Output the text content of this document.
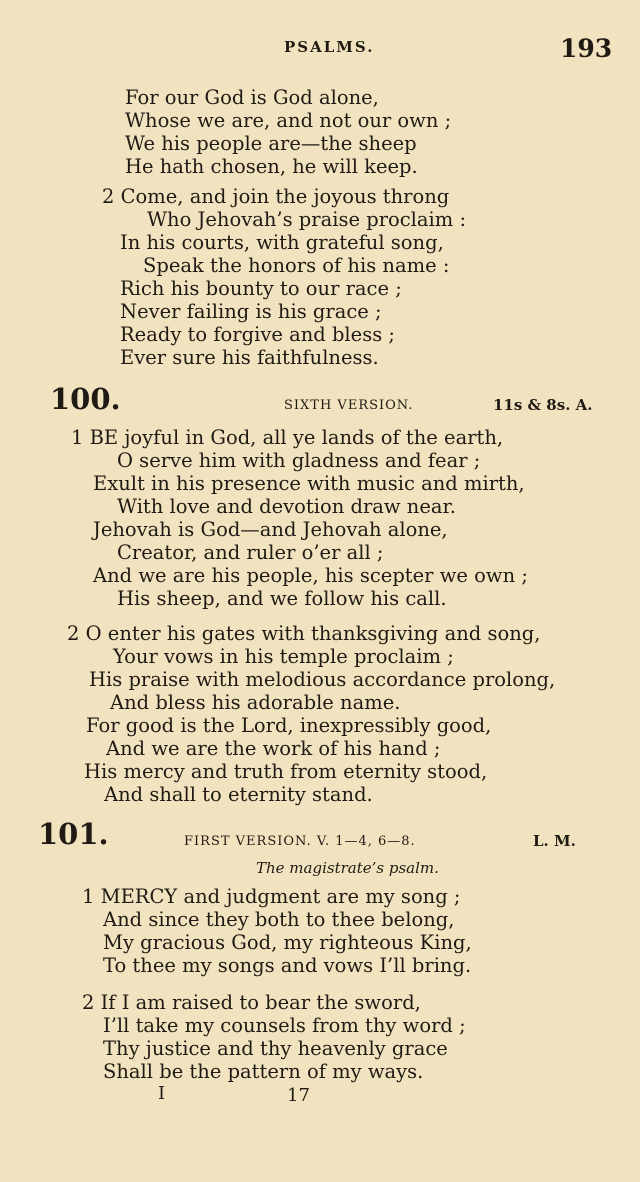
PSALMS.	193
For our God is God alone,
Whose we are, and not our own ;
We his people are—the sheep
He hath chosen, he will keep.
2 Come, and join the joyous throng
Who Jehovah’s praise proclaim :
In his courts, with grateful song,
Speak the honors of his name :
Rich his bounty to our race ;
Never failing is his grace ;
Ready to forgive and bless ;
Ever sure his faithfulness.
100.	SIXTH VERSION.	11s & 8s. A.
1 BE joyful in God, all ye lands of the earth,
O serve him with gladness and fear ;
Exult in his presence with music and mirth,
With love and devotion draw near.
Jehovah is God—and Jehovah alone,
Creator, and ruler o’er all ;
And we are his people, his scepter we own ;
His sheep, and we follow his call.
2 O enter his gates with thanksgiving and song,
Your vows in his temple proclaim ;
His praise with melodious accordance prolong,
And bless his adorable name.
For good is the Lord, inexpressibly good,
And we are the work of his hand ;
His mercy and truth from eternity stood,
And shall to eternity stand.
101.	FIRST VERSION. V. 1—4, 6—8.	L. M.
The magistrate’s psalm.
1 MERCY and judgment are my song ;
And since they both to thee belong,
My gracious God, my righteous King,
To thee my songs and vows I’ll bring.
2 If I am raised to bear the sword,
I’ll take my counsels from thy word ;
Thy justice and thy heavenly grace
Shall be the pattern of my ways.
I	17
